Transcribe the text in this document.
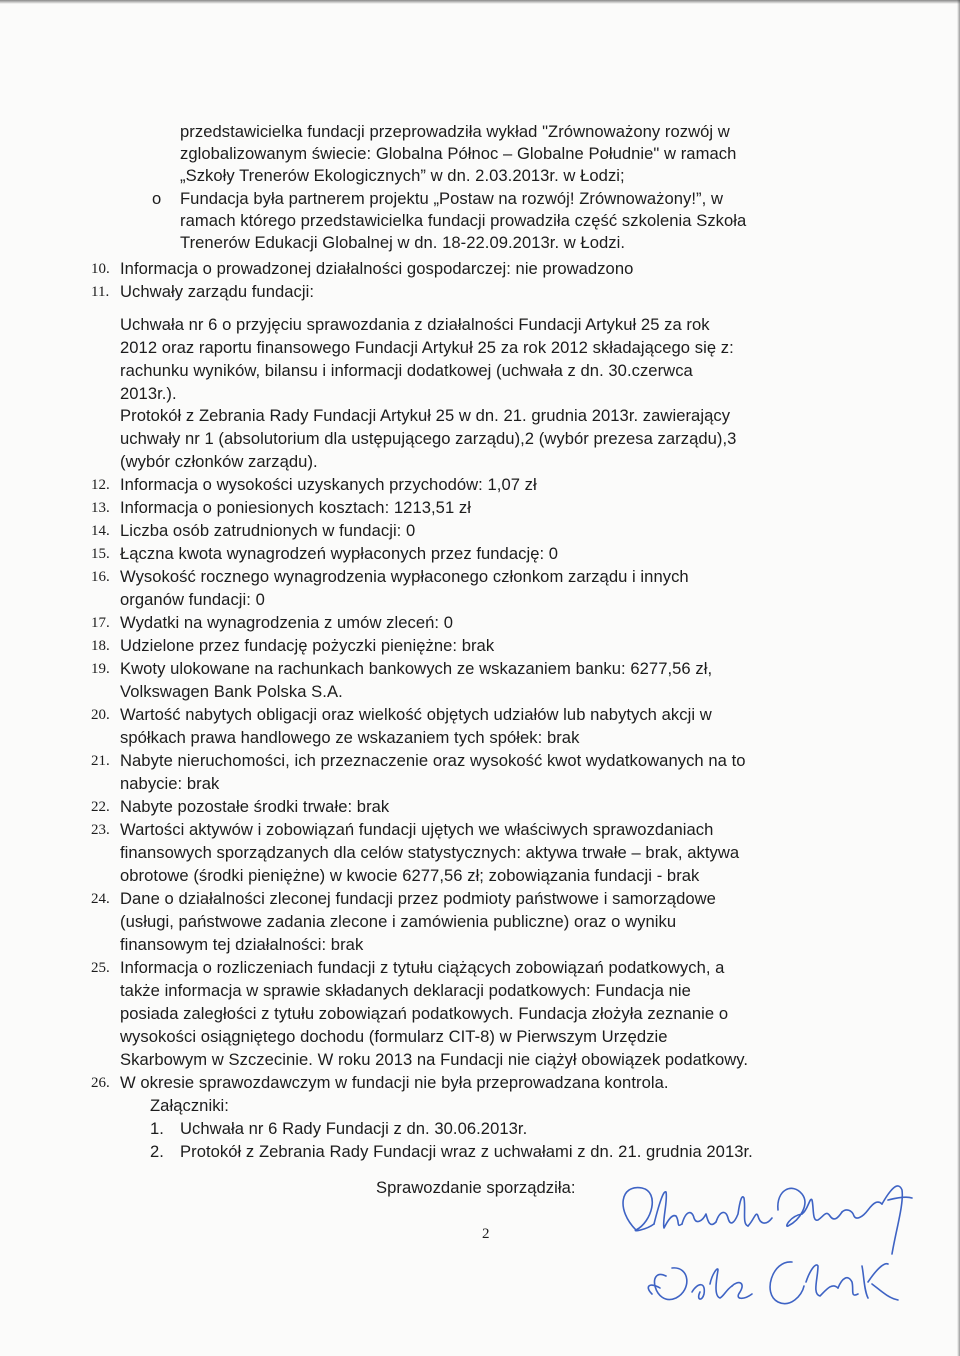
przedstawicielka fundacji przeprowadziła wykład "Zrównoważony rozwój w
zglobalizowanym świecie: Globalna Północ – Globalne Południe" w ramach
„Szkoły Trenerów Ekologicznych” w dn. 2.03.2013r. w Łodzi;
o Fundacja była partnerem projektu „Postaw na rozwój! Zrównoważony!”, w
ramach którego przedstawicielka fundacji prowadziła część szkolenia Szkoła
Trenerów Edukacji Globalnej w dn. 18-22.09.2013r. w Łodzi.
10. Informacja o prowadzonej działalności gospodarczej: nie prowadzono
11. Uchwały zarządu fundacji:
Uchwała nr 6 o przyjęciu sprawozdania z działalności Fundacji Artykuł 25 za rok
2012 oraz raportu finansowego Fundacji Artykuł 25 za rok 2012 składającego się z:
rachunku wyników, bilansu i informacji dodatkowej (uchwała z dn. 30.czerwca
2013r.).
Protokół z Zebrania Rady Fundacji Artykuł 25 w dn. 21. grudnia 2013r. zawierający
uchwały nr 1 (absolutorium dla ustępującego zarządu),2 (wybór prezesa zarządu),3
(wybór członków zarządu).
12. Informacja o wysokości uzyskanych przychodów: 1,07 zł
13. Informacja o poniesionych kosztach: 1213,51 zł
14. Liczba osób zatrudnionych w fundacji: 0
15. Łączna kwota wynagrodzeń wypłaconych przez fundację: 0
16. Wysokość rocznego wynagrodzenia wypłaconego członkom zarządu i innych
organów fundacji: 0
17. Wydatki na wynagrodzenia z umów zleceń: 0
18. Udzielone przez fundację pożyczki pieniężne: brak
19. Kwoty ulokowane na rachunkach bankowych ze wskazaniem banku: 6277,56 zł,
Volkswagen Bank Polska S.A.
20. Wartość nabytych obligacji oraz wielkość objętych udziałów lub nabytych akcji w
spółkach prawa handlowego ze wskazaniem tych spółek: brak
21. Nabyte nieruchomości, ich przeznaczenie oraz wysokość kwot wydatkowanych na to
nabycie: brak
22. Nabyte pozostałe środki trwałe: brak
23. Wartości aktywów i zobowiązań fundacji ujętych we właściwych sprawozdaniach
finansowych sporządzanych dla celów statystycznych: aktywa trwałe – brak, aktywa
obrotowe (środki pieniężne) w kwocie 6277,56 zł; zobowiązania fundacji - brak
24. Dane o działalności zleconej fundacji przez podmioty państwowe i samorządowe
(usługi, państwowe zadania zlecone i zamówienia publiczne) oraz o wyniku
finansowym tej działalności: brak
25. Informacja o rozliczeniach fundacji z tytułu ciążących zobowiązań podatkowych, a
także informacja w sprawie składanych deklaracji podatkowych: Fundacja nie
posiada zaległości z tytułu zobowiązań podatkowych. Fundacja złożyła zeznanie o
wysokości osiągniętego dochodu (formularz CIT-8) w Pierwszym Urzędzie
Skarbowym w Szczecinie. W roku 2013 na Fundacji nie ciążył obowiązek podatkowy.
26. W okresie sprawozdawczym w fundacji nie była przeprowadzana kontrola.
Załączniki:
1. Uchwała nr 6 Rady Fundacji z dn. 30.06.2013r.
2. Protokół z Zebrania Rady Fundacji wraz z uchwałami z dn. 21. grudnia 2013r.
Sprawozdanie sporządziła:
Dorota Obelik
2
